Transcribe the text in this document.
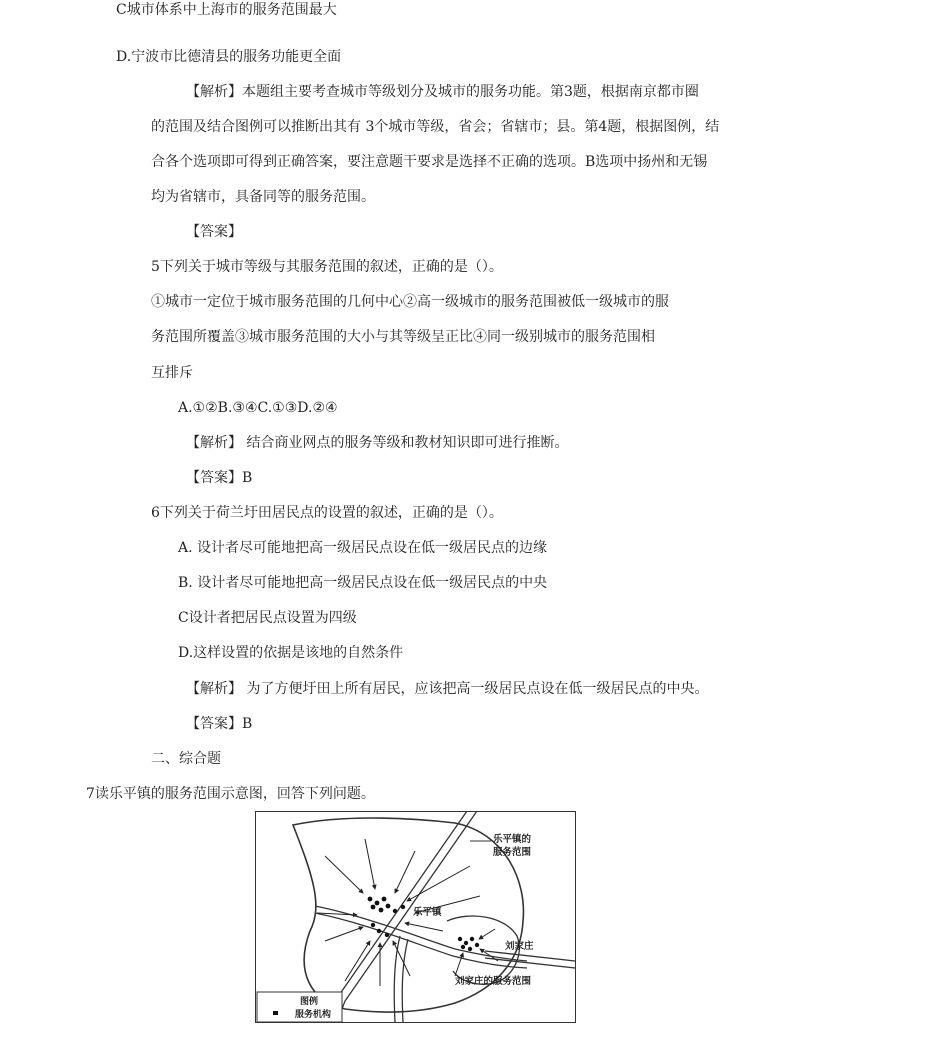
C城市体系中上海市的服务范围最大
D.宁波市比德清县的服务功能更全面
【解析】本题组主要考查城市等级划分及城市的服务功能。第3题，根据南京都市圈
的范围及结合图例可以推断出其有 3个城市等级，省会；省辖市；县。第4题，根据图例，结
合各个选项即可得到正确答案，要注意题干要求是选择不正确的选项。B选项中扬州和无锡
均为省辖市，具备同等的服务范围。
【答案】
5下列关于城市等级与其服务范围的叙述，正确的是（）。
①城市一定位于城市服务范围的几何中心②高一级城市的服务范围被低一级城市的服
务范围所覆盖③城市服务范围的大小与其等级呈正比④同一级别城市的服务范围相
互排斥
A.①②B.③④C.①③D.②④
【解析】 结合商业网点的服务等级和教材知识即可进行推断。
【答案】B
6下列关于荷兰圩田居民点的设置的叙述，正确的是（）。
A. 设计者尽可能地把高一级居民点设在低一级居民点的边缘
B. 设计者尽可能地把高一级居民点设在低一级居民点的中央
C设计者把居民点设置为四级
D.这样设置的依据是该地的自然条件
【解析】 为了方便圩田上所有居民，应该把高一级居民点设在低一级居民点的中央。
【答案】B
二、综合题
7读乐平镇的服务范围示意图，回答下列问题。
乐平镇的
服务范围
乐平镇
刘家庄
刘家庄的服务范围
图例
服务机构
